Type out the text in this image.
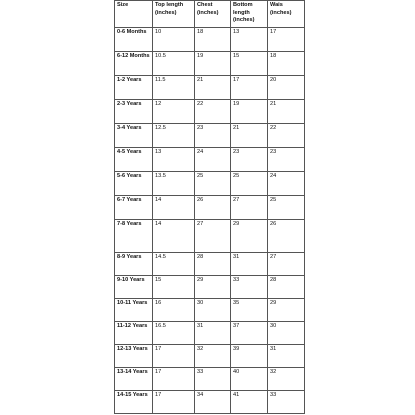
Size	Top length (inches)	Chest (inches)	Bottom length (inches)	Wais (inches)
0-6 Months	10	18	13	17
6-12 Months	10.5	19	15	18
1-2 Years	11.5	21	17	20
2-3 Years	12	22	19	21
3-4 Years	12.5	23	21	22
4-5 Years	13	24	23	23
5-6 Years	13.5	25	25	24
6-7 Years	14	26	27	25
7-8 Years	14	27	29	26
8-9 Years	14.5	28	31	27
9-10 Years	15	29	33	28
10-11 Years	16	30	35	29
11-12 Years	16.5	31	37	30
12-13 Years	17	32	39	31
13-14 Years	17	33	40	32
14-15 Years	17	34	41	33
